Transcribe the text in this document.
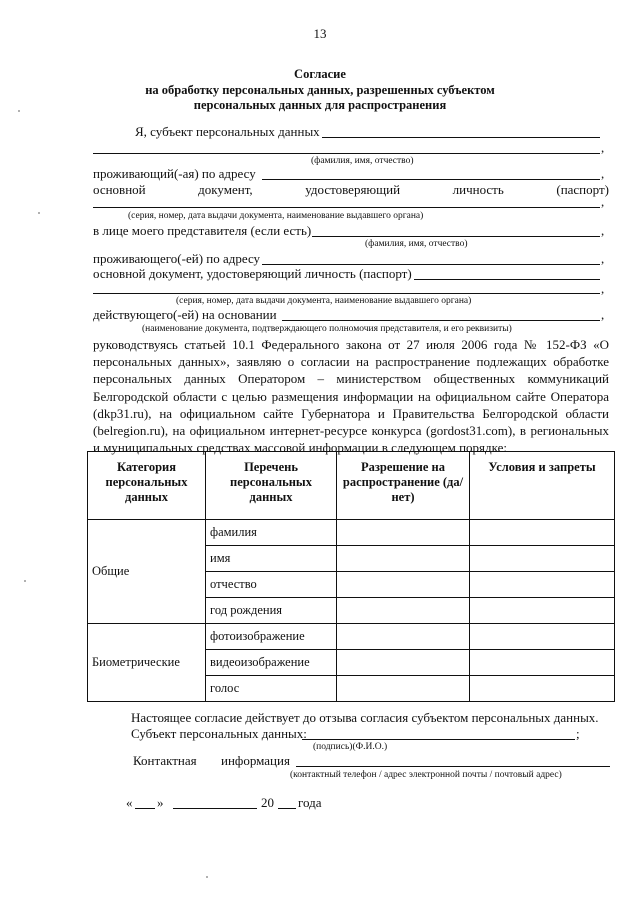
13
Согласие
на обработку персональных данных, разрешенных субъектом
персональных данных для распространения
Я, субъект персональных данных
,
(фамилия, имя, отчество)
проживающий(-ая) по адресу	,
основной	документ,	удостоверяющий	личность	(паспорт)
,
(серия, номер, дата выдачи документа, наименование выдавшего органа)
в лице моего представителя (если есть)	,
(фамилия, имя, отчество)
проживающего(-ей) по адресу	,
основной документ, удостоверяющий личность (паспорт)
,
(серия, номер, дата выдачи документа, наименование выдавшего органа)
действующего(-ей) на основании	,
(наименование документа, подтверждающего полномочия представителя, и его реквизиты)
руководствуясь статьей 10.1 Федерального закона от 27 июля 2006 года № 152-ФЗ «О персональных данных», заявляю о согласии на распространение подлежащих обработке персональных данных Оператором – министерством общественных коммуникаций Белгородской области с целью размещения информации на официальном сайте Оператора (dkp31.ru), на официальном сайте Губернатора и Правительства Белгородской области (belregion.ru), на официальном интернет-ресурсе конкурса (gordost31.com), в региональных и муниципальных средствах массовой информации в следующем порядке:
Категория персональных данных	Перечень персональных данных	Разрешение на распространение (да/нет)	Условия и запреты
Общие	фамилия		
	имя		
	отчество		
	год рождения		
Биометрические	фотоизображение		
	видеоизображение		
	голос		
Настоящее согласие действует до отзыва согласия субъектом персональных данных.
Субъект персональных данных:	;
(подпись)(Ф.И.О.)
Контактная информация
(контактный телефон / адрес электронной почты / почтовый адрес)
« »	20 года
